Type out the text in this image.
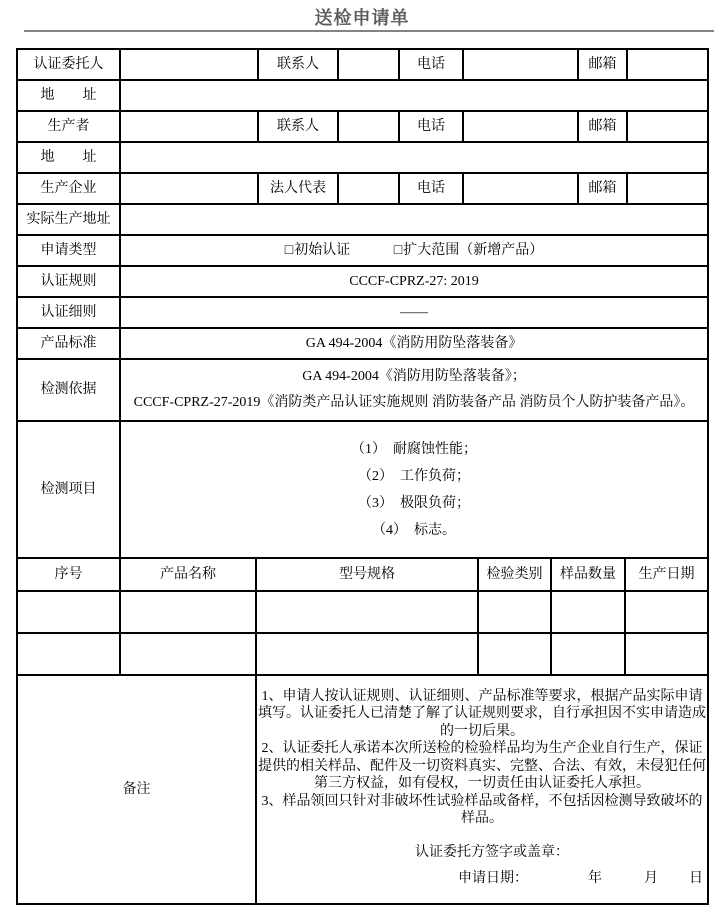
送检申请单
认证委托人			联系人		电话				邮箱		
地　　址											
生产者			联系人		电话				邮箱		
地　　址											
生产企业			法人代表		电话				邮箱		
实际生产地址											
申请类型	□初始认证 □扩大范围（新增产品）										
认证规则	CCCF-CPRZ-27: 2019										
认证细则	——										
产品标准	GA 494-2004《消防用防坠落装备》										
检测依据	GA 494-2004《消防用防坠落装备》；
CCCF-CPRZ-27-2019《消防类产品认证实施规则 消防装备产品 消防员个人防护装备产品》。										

检测项目	（1）　耐腐蚀性能；
（2）　工作负荷；
（3）　极限负荷；
（4）　标志。										

序号	产品名称	型号规格					检验类别	样品数量		生产日期	

备注		1、申请人按认证规则、认证细则、产品标准等要求，根据产品实际申请填写。认证委托人已清楚了解了认证规则要求，自行承担因不实申请造成的一切后果。

2、认证委托人承诺本次所送检的检验样品均为生产企业自行生产，保证提供的相关样品、配件及一切资料真实、完整、合法、有效，未侵犯任何第三方权益，如有侵权，一切责任由认证委托人承担。

3、样品领回只针对非破坏性试验样品或备样，不包括因检测导致破坏的样品。

认证委托方签字或盖章：
申请日期： 年 月 日									
